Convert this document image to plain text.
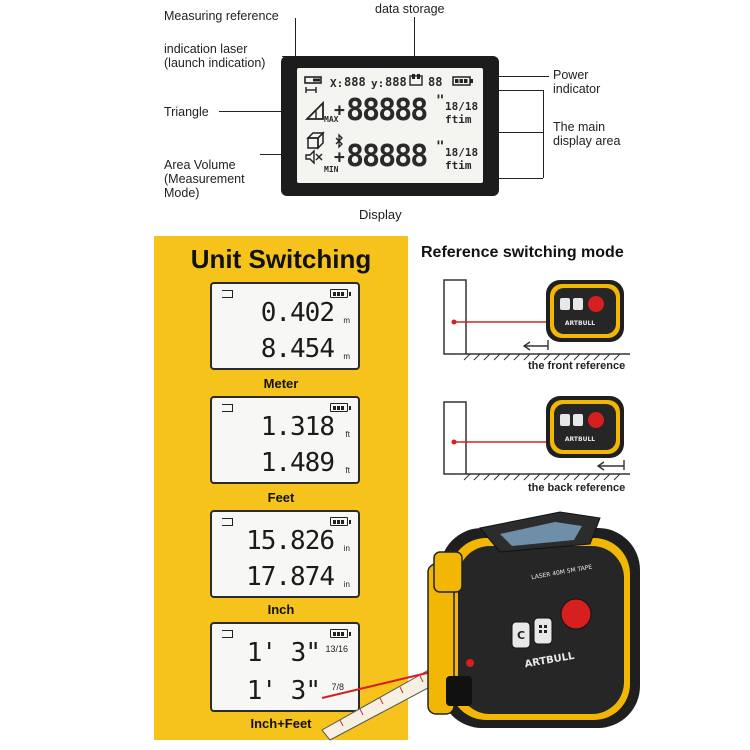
Measuring reference	data storage
indication laser
(launch indication)
Power
indicator
Triangle
The main
display area
Area Volume
(Measurement
Mode)
X: 888 y: 888 88
MAX
+ 88888 " 18/18
ftim
MIN
+ 88888 " 18/18
ftim
Display
Unit Switching
0.402 m
8.454 m
Meter
1.318 ft
1.489 ft
Feet
15.826 in
17.874 in
Inch
1' 3" 13/16
1' 3" 7/8
Inch+Feet
Reference switching mode
ARTBULL
the front reference
ARTBULL
the back reference
C
ARTBULL
LASER 40M 5M TAPE
